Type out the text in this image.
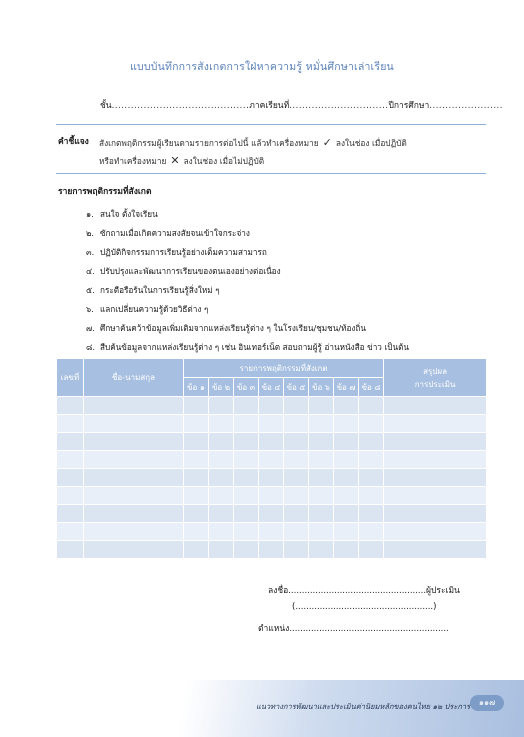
แบบบันทึกการสังเกตการใฝ่หาความรู้ หมั่นศึกษาเล่าเรียน
ชั้น...........................................ภาคเรียนที่...............................ปีการศึกษา.......................
คำชี้แจง สังเกตพฤติกรรมผู้เรียนตามรายการต่อไปนี้ แล้วทำเครื่องหมาย ✓ ลงในช่อง เมื่อปฏิบัติ
หรือทำเครื่องหมาย ✕ ลงในช่อง เมื่อไม่ปฏิบัติ
รายการพฤติกรรมที่สังเกต
๑. สนใจ ตั้งใจเรียน
๒. ซักถามเมื่อเกิดความสงสัยจนเข้าใจกระจ่าง
๓. ปฏิบัติกิจกรรมการเรียนรู้อย่างเต็มความสามารถ
๔. ปรับปรุงและพัฒนาการเรียนของตนเองอย่างต่อเนื่อง
๕. กระตือรือร้นในการเรียนรู้สิ่งใหม่ ๆ
๖. แลกเปลี่ยนความรู้ด้วยวิธีต่าง ๆ
๗. ศึกษาค้นคว้าข้อมูลเพิ่มเติมจากแหล่งเรียนรู้ต่าง ๆ ในโรงเรียน/ชุมชน/ท้องถิ่น
๘. สืบค้นข้อมูลจากแหล่งเรียนรู้ต่าง ๆ เช่น อินเทอร์เน็ต สอบถามผู้รู้ อ่านหนังสือ ข่าว เป็นต้น
เลขที่	ชื่อ-นามสกุล	รายการพฤติกรรมที่สังเกต								สรุปผล
การประเมิน
		ข้อ ๑	ข้อ ๒	ข้อ ๓	ข้อ ๔	ข้อ ๕	ข้อ ๖	ข้อ ๗	ข้อ ๘	

ลงชื่อ...................................................ผู้ประเมิน
(...................................................)
ตำแหน่ง...........................................................
แนวทางการพัฒนาและประเมินค่านิยมหลักของคนไทย ๑๒ ประการ	๑๑๗
